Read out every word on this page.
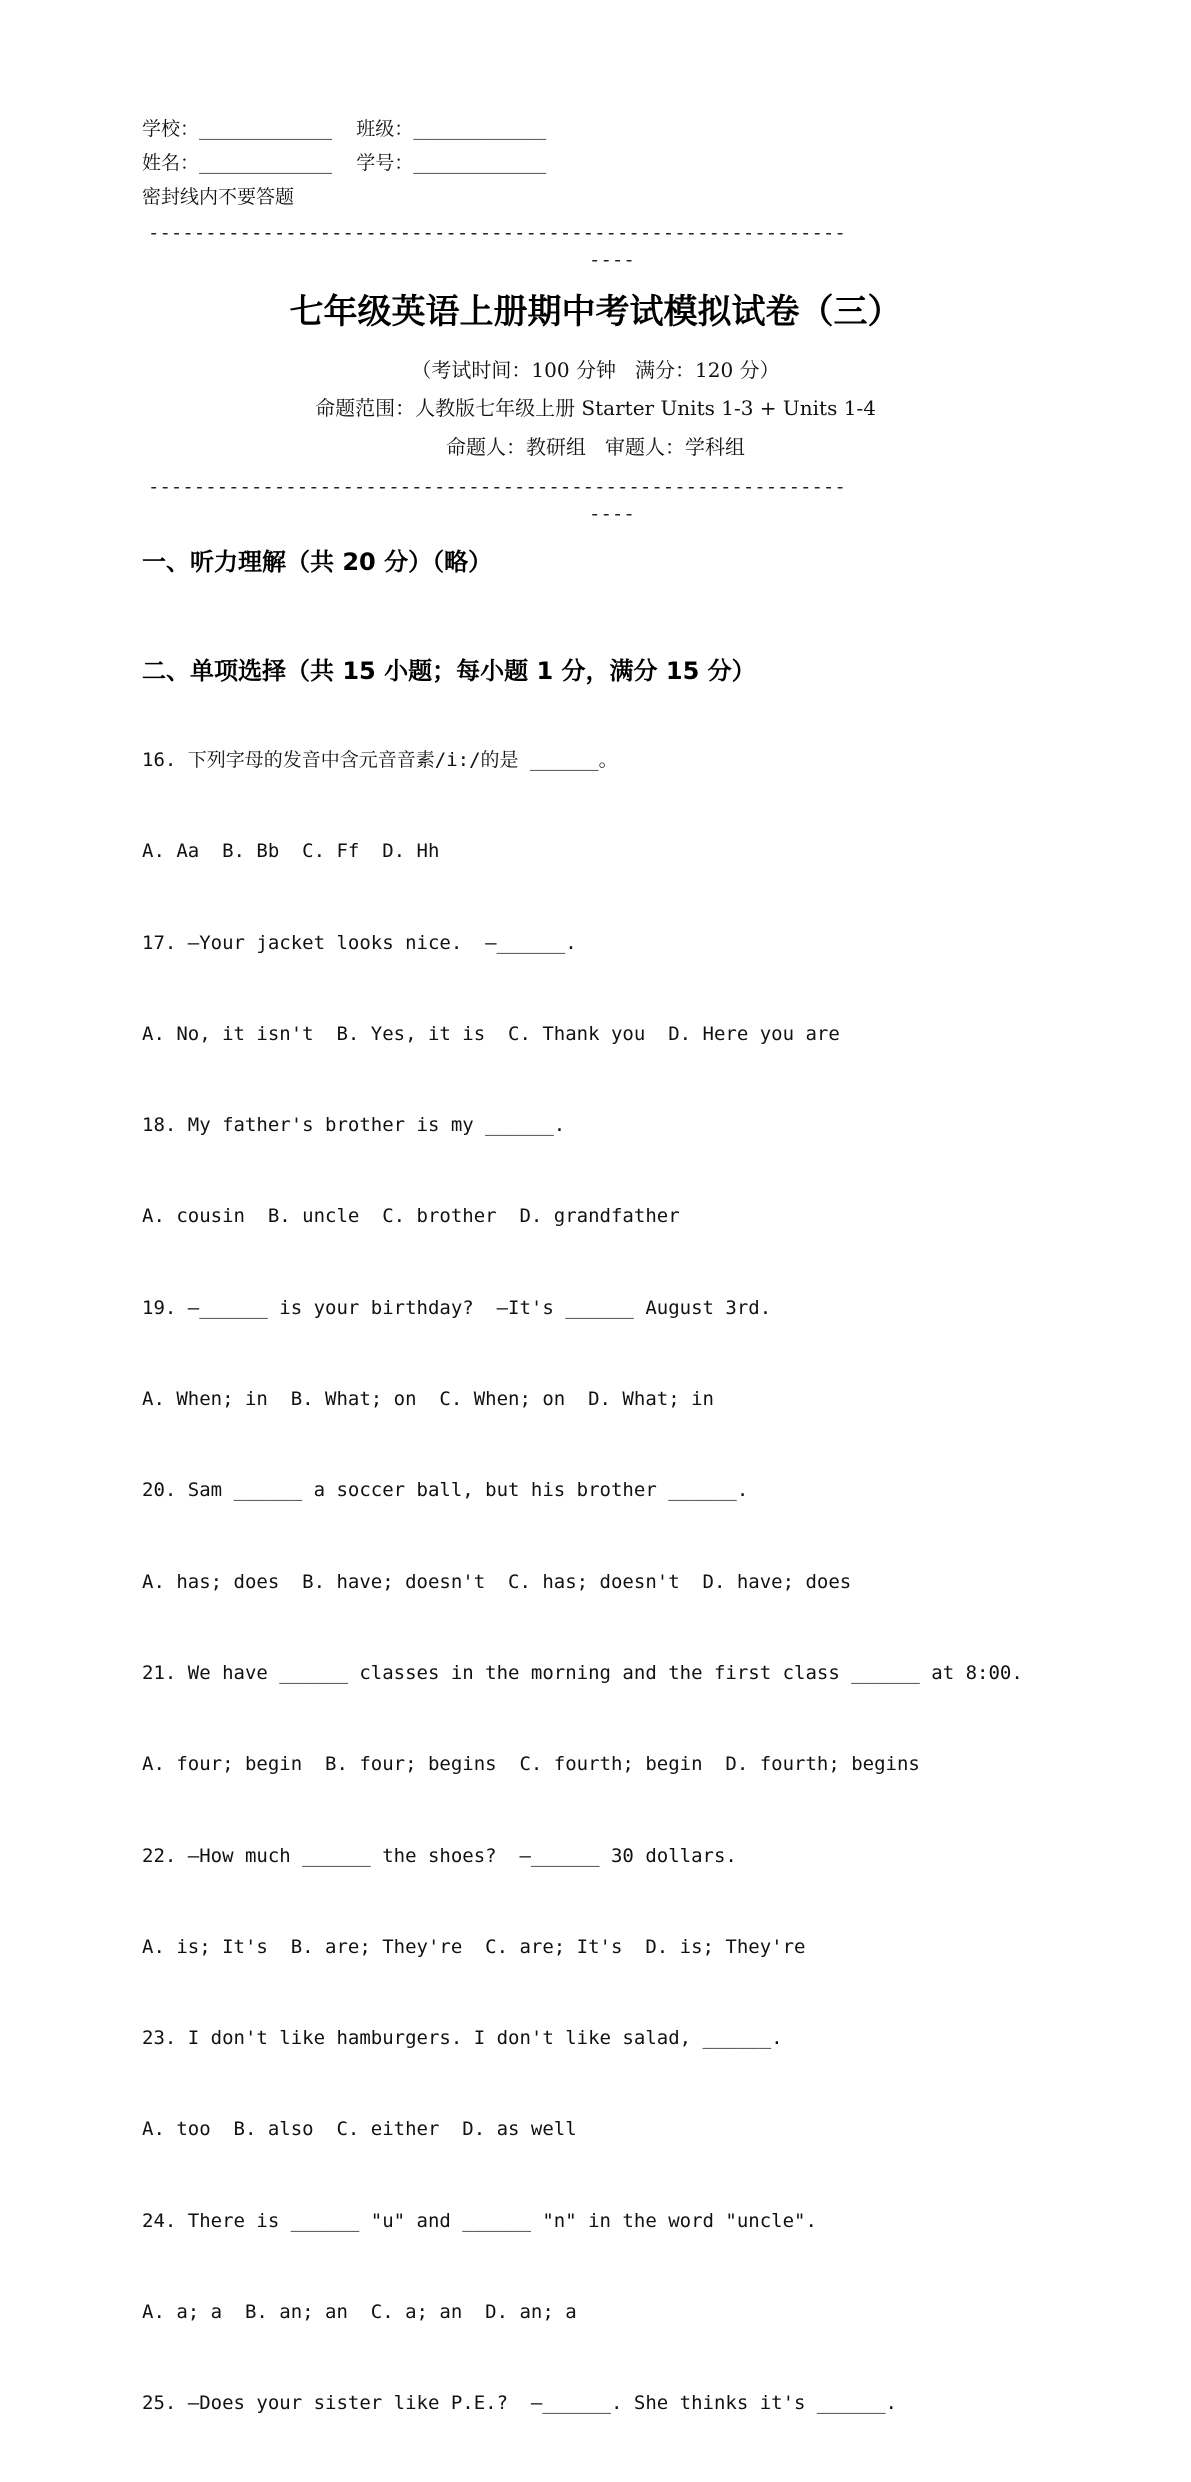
学校：______________ 班级：______________
姓名：______________ 学号：______________
密封线内不要答题
-------------------------------------------------------------
----
七年级英语上册期中考试模拟试卷（三）
（考试时间：100 分钟   满分：120 分）
命题范围：人教版七年级上册 Starter Units 1-3 + Units 1-4
命题人：教研组   审题人：学科组
-------------------------------------------------------------
----
一、听力理解（共 20 分）（略）
二、单项选择（共 15 小题；每小题 1 分，满分 15 分）

16. 下列字母的发音中含元音音素/i:/的是 ______。

A. Aa  B. Bb  C. Ff  D. Hh

17. —Your jacket looks nice.  —______.

A. No, it isn't  B. Yes, it is  C. Thank you  D. Here you are

18. My father's brother is my ______.

A. cousin  B. uncle  C. brother  D. grandfather

19. —______ is your birthday?  —It's ______ August 3rd.

A. When; in  B. What; on  C. When; on  D. What; in

20. Sam ______ a soccer ball, but his brother ______.

A. has; does  B. have; doesn't  C. has; doesn't  D. have; does

21. We have ______ classes in the morning and the first class ______ at 8:00.

A. four; begin  B. four; begins  C. fourth; begin  D. fourth; begins

22. —How much ______ the shoes?  —______ 30 dollars.

A. is; It's  B. are; They're  C. are; It's  D. is; They're

23. I don't like hamburgers. I don't like salad, ______.

A. too  B. also  C. either  D. as well

24. There is ______ "u" and ______ "n" in the word "uncle".

A. a; a  B. an; an  C. a; an  D. an; a

25. —Does your sister like P.E.?  —______. She thinks it's ______.
